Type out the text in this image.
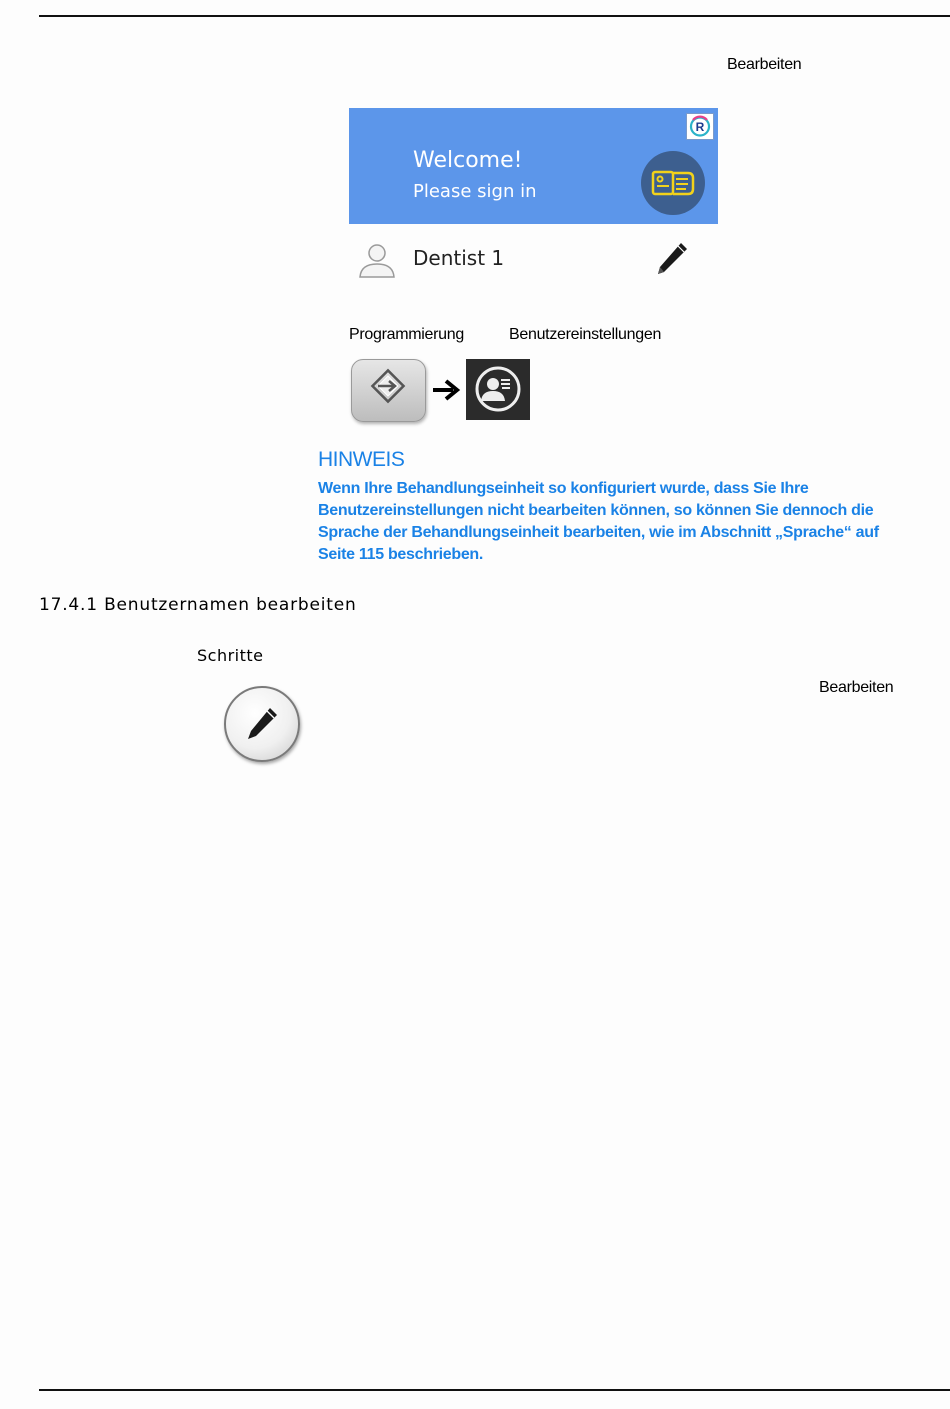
Bearbeiten
Welcome!
Please sign in
R
Dentist 1
Programmierung	Benutzereinstellungen
HINWEIS
Wenn Ihre Behandlungseinheit so konfiguriert wurde, dass Sie Ihre
Benutzereinstellungen nicht bearbeiten können, so können Sie dennoch die
Sprache der Behandlungseinheit bearbeiten, wie im Abschnitt „Sprache“ auf
Seite 115 beschrieben.
17.4.1 Benutzernamen bearbeiten
Schritte
Bearbeiten
